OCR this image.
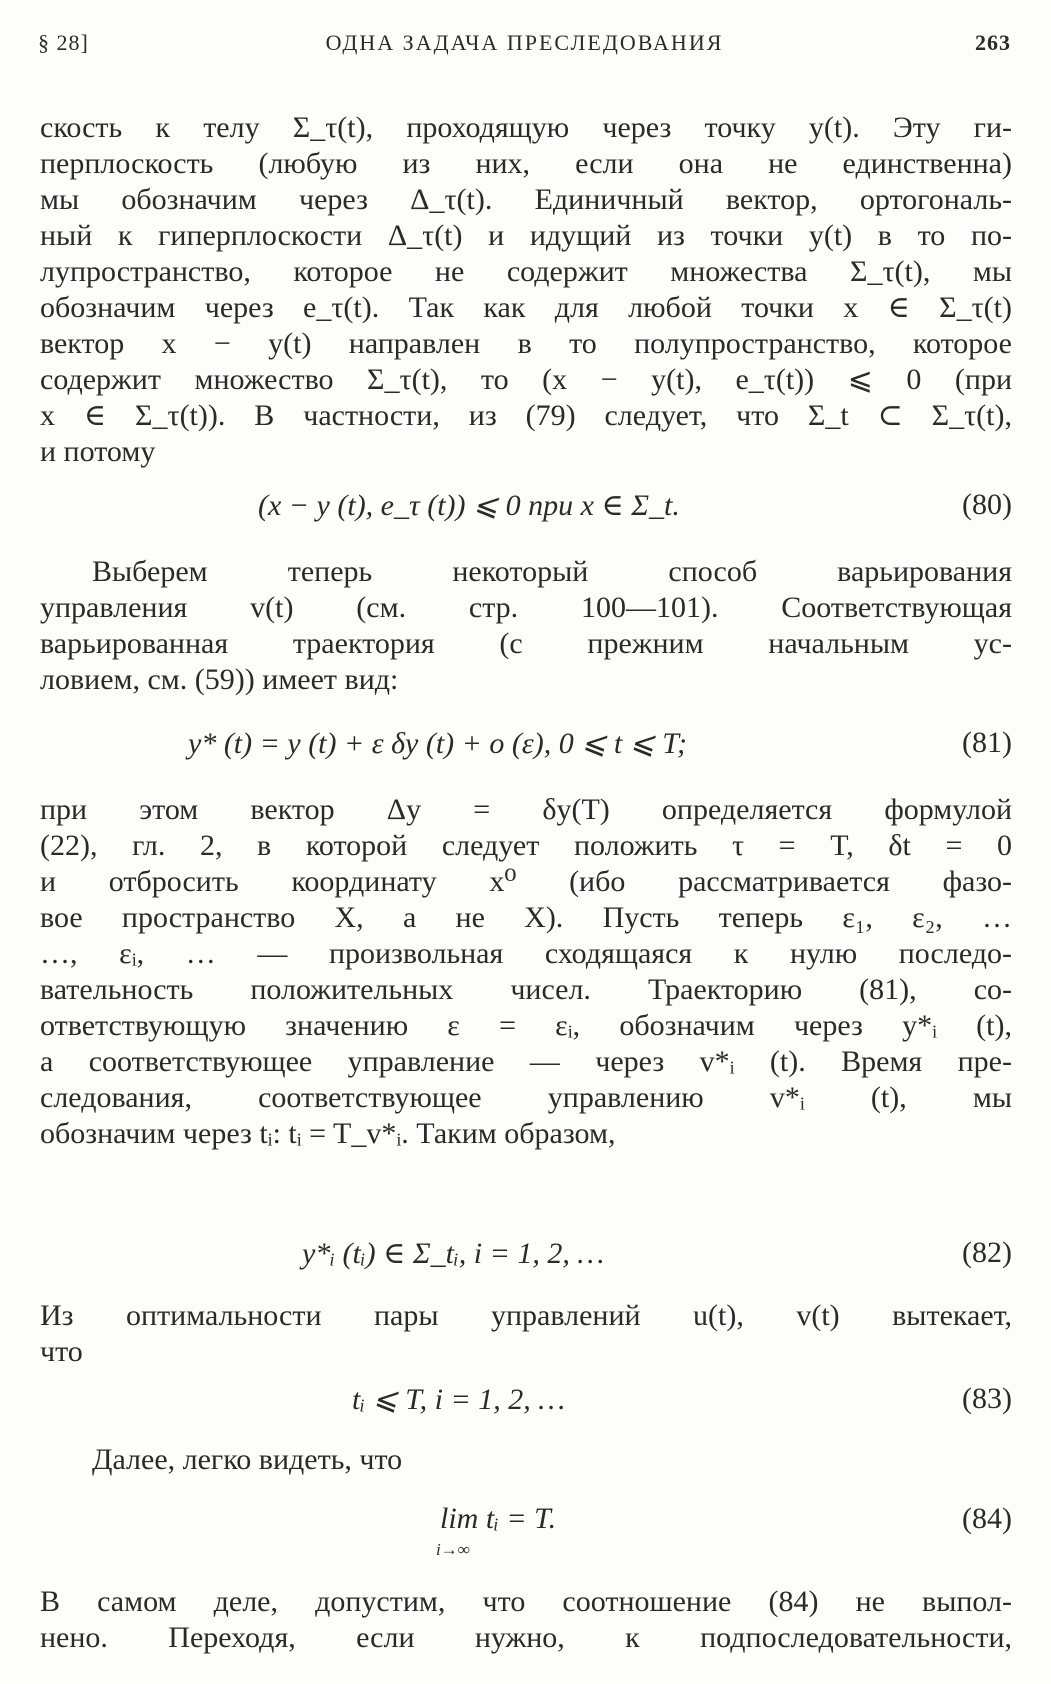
§ 28]	ОДНА ЗАДАЧА ПРЕСЛЕДОВАНИЯ	263
скость к телу Σ_τ(t), проходящую через точку y(t). Эту ги-
перплоскость (любую из них, если она не единственна)
мы обозначим через Δ_τ(t). Единичный вектор, ортогональ-
ный к гиперплоскости Δ_τ(t) и идущий из точки y(t) в то по-
лупространство, которое не содержит множества Σ_τ(t), мы
обозначим через e_τ(t). Так как для любой точки x ∈ Σ_τ(t)
вектор x − y(t) направлен в то полупространство, которое
содержит множество Σ_τ(t), то (x − y(t), e_τ(t)) ⩽ 0 (при
x ∈ Σ_τ(t)). В частности, из (79) следует, что Σ_t ⊂ Σ_τ(t),
и потому
(x − y (t), e_τ (t)) ⩽ 0 при x ∈ Σ_t.	(80)
Выберем теперь некоторый способ варьирования
управления v(t) (см. стр. 100—101). Соответствующая
варьированная траектория (с прежним начальным ус-
ловием, см. (59)) имеет вид:
y* (t) = y (t) + ε δy (t) + o (ε), 0 ⩽ t ⩽ T;	(81)
при этом вектор Δy = δy(T) определяется формулой
(22), гл. 2, в которой следует положить τ = T, δt = 0
и отбросить координату x⁰ (ибо рассматривается фазо-
вое пространство X, а не X). Пусть теперь ε₁, ε₂, …
…, εᵢ, … — произвольная сходящаяся к нулю последо-
вательность положительных чисел. Траекторию (81), со-
ответствующую значению ε = εᵢ, обозначим через y*ᵢ (t),
а соответствующее управление — через v*ᵢ (t). Время пре-
следования, соответствующее управлению v*ᵢ (t), мы
обозначим через tᵢ: tᵢ = T_v*ᵢ. Таким образом,
y*ᵢ (tᵢ) ∈ Σ_tᵢ, i = 1, 2, …	(82)
Из оптимальности пары управлений u(t), v(t) вытекает,
что
tᵢ ⩽ T, i = 1, 2, …	(83)
Далее, легко видеть, что
lim tᵢ = T.
i→∞
(84)
В самом деле, допустим, что соотношение (84) не выпол-
нено. Переходя, если нужно, к подпоследовательности,
